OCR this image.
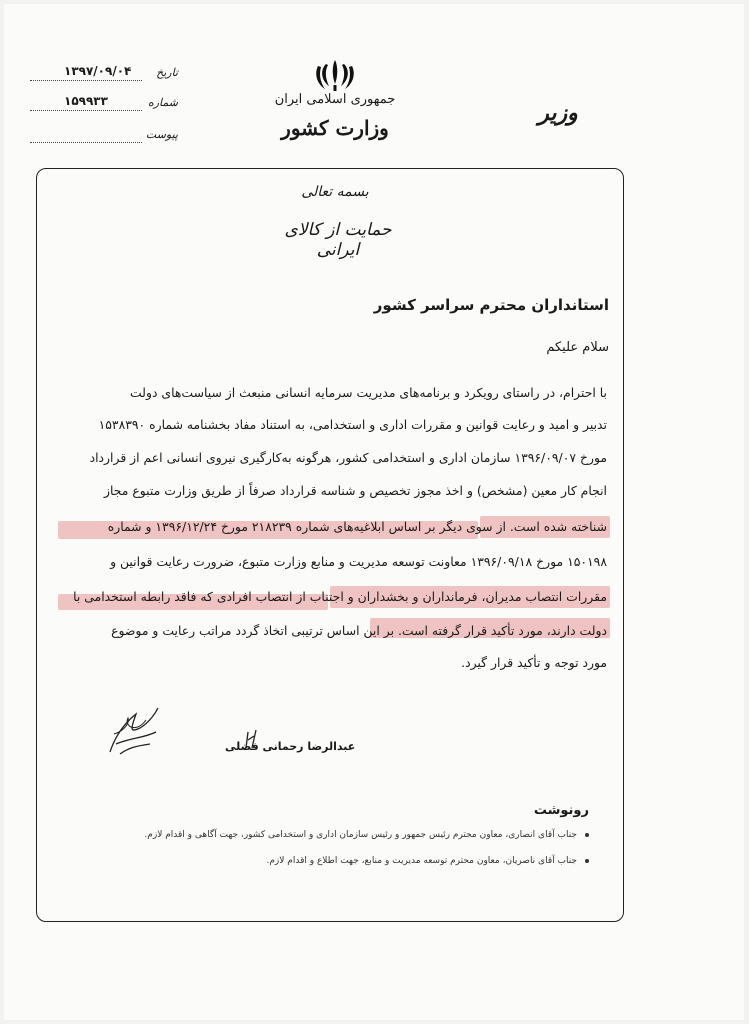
جمهوری اسلامی ایران
وزارت کشور
وزیر
۱۳۹۷/۰۹/۰۴ تاریخ
۱۵۹۹۳۳	شماره
پیوست
بسمه تعالی
حمایت از کالای ایرانی
استانداران محترم سراسر کشور
سلام علیکم
با احترام، در راستای رویکرد و برنامه‌های مدیریت سرمایه انسانی منبعث از سیاست‌های دولت
تدبیر و امید و رعایت قوانین و مقررات اداری و استخدامی، به استناد مفاد بخشنامه شماره ۱۵۳۸۳۹۰
مورخ ۱۳۹۶/۰۹/۰۷ سازمان اداری و استخدامی کشور، هرگونه به‌کارگیری نیروی انسانی اعم از قرارداد
انجام کار معین (مشخص) و اخذ مجوز تخصیص و شناسه قرارداد صرفاً از طریق وزارت متبوع مجاز
شناخته شده است. از سوی دیگر بر اساس ابلاغیه‌های شماره ۲۱۸۲۳۹ مورخ ۱۳۹۶/۱۲/۲۴ و شماره
۱۵۰۱۹۸ مورخ ۱۳۹۶/۰۹/۱۸ معاونت توسعه مدیریت و منابع وزارت متبوع، ضرورت رعایت قوانین و
مقررات انتصاب مدیران، فرمانداران و بخشداران و اجتناب از انتصاب افرادی که فاقد رابطه استخدامی با
دولت دارند، مورد تأکید قرار گرفته است. بر این اساس ترتیبی اتخاذ گردد مراتب رعایت و موضوع
مورد توجه و تأکید قرار گیرد.
عبدالرضا رحمانی فضلی
رونوشت
جناب آقای انصاری، معاون محترم رئیس جمهور و رئیس سازمان اداری و استخدامی کشور، جهت آگاهی و اقدام لازم.
جناب آقای ناصریان، معاون محترم توسعه مدیریت و منابع، جهت اطلاع و اقدام لازم.
